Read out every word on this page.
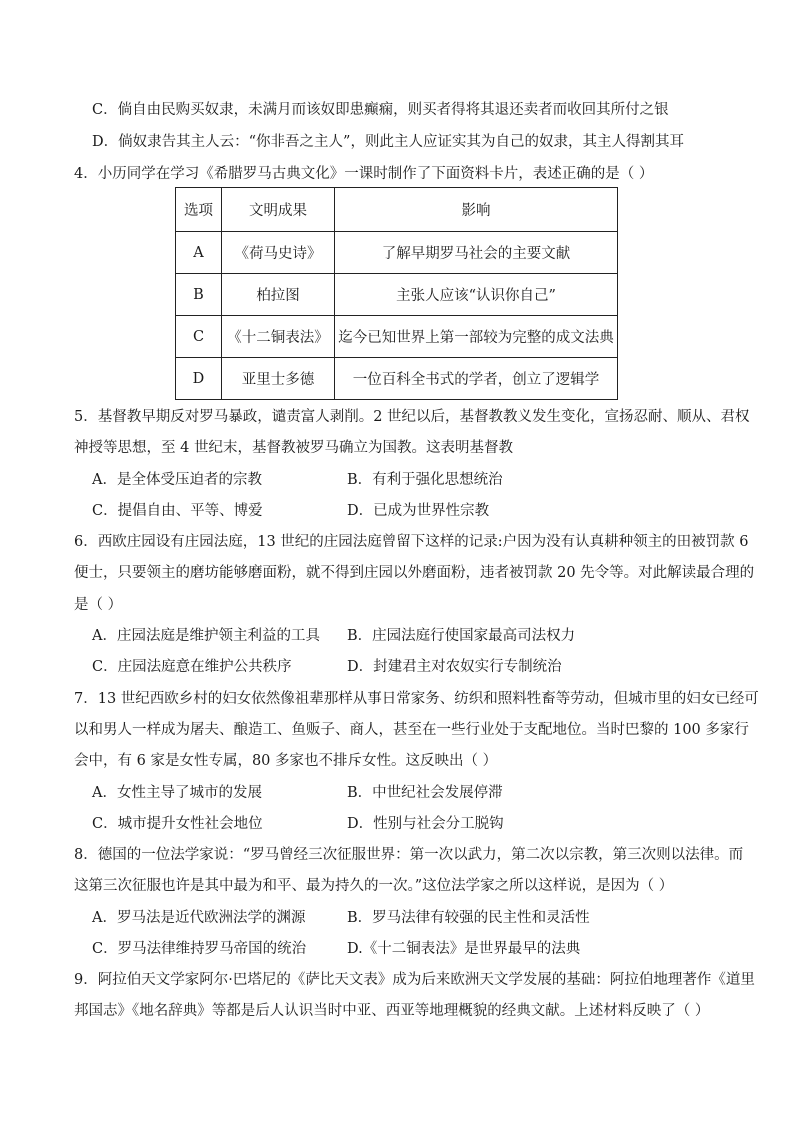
C．倘自由民购买奴隶，未满月而该奴即患癫痫，则买者得将其退还卖者而收回其所付之银
D．倘奴隶告其主人云：“你非吾之主人”，则此主人应证实其为自己的奴隶，其主人得割其耳
4．小历同学在学习《希腊罗马古典文化》一课时制作了下面资料卡片，表述正确的是（ ）
选项	文明成果	影响
A	《荷马史诗》	了解早期罗马社会的主要文献
B	柏拉图	主张人应该“认识你自己”
C	《十二铜表法》	迄今已知世界上第一部较为完整的成文法典
D	亚里士多德	一位百科全书式的学者，创立了逻辑学
5．基督教早期反对罗马暴政，谴责富人剥削。2 世纪以后，基督教教义发生变化，宣扬忍耐、顺从、君权
神授等思想，至 4 世纪末，基督教被罗马确立为国教。这表明基督教
A．是全体受压迫者的宗教	B．有利于强化思想统治
C．提倡自由、平等、博爱	D．已成为世界性宗教
6．西欧庄园设有庄园法庭，13 世纪的庄园法庭曾留下这样的记录:户因为没有认真耕种领主的田被罚款 6
便士，只要领主的磨坊能够磨面粉，就不得到庄园以外磨面粉，违者被罚款 20 先令等。对此解读最合理的
是（ ）
A．庄园法庭是维护领主利益的工具 B．庄园法庭行使国家最高司法权力
C．庄园法庭意在维护公共秩序	D．封建君主对农奴实行专制统治
7．13 世纪西欧乡村的妇女依然像祖辈那样从事日常家务、纺织和照料牲畜等劳动，但城市里的妇女已经可
以和男人一样成为屠夫、酿造工、鱼贩子、商人，甚至在一些行业处于支配地位。当时巴黎的 100 多家行
会中，有 6 家是女性专属，80 多家也不排斥女性。这反映出（ ）
A．女性主导了城市的发展	B．中世纪社会发展停滞
C．城市提升女性社会地位	D．性别与社会分工脱钩
8．德国的一位法学家说：“罗马曾经三次征服世界：第一次以武力，第二次以宗教，第三次则以法律。而
这第三次征服也许是其中最为和平、最为持久的一次。”这位法学家之所以这样说，是因为（ ）
A．罗马法是近代欧洲法学的渊源	B．罗马法律有较强的民主性和灵活性
C．罗马法律维持罗马帝国的统治	D.《十二铜表法》是世界最早的法典
9．阿拉伯天文学家阿尔·巴塔尼的《萨比天文表》成为后来欧洲天文学发展的基础：阿拉伯地理著作《道里
邦国志》《地名辞典》等都是后人认识当时中亚、西亚等地理概貌的经典文献。上述材料反映了（ ）
